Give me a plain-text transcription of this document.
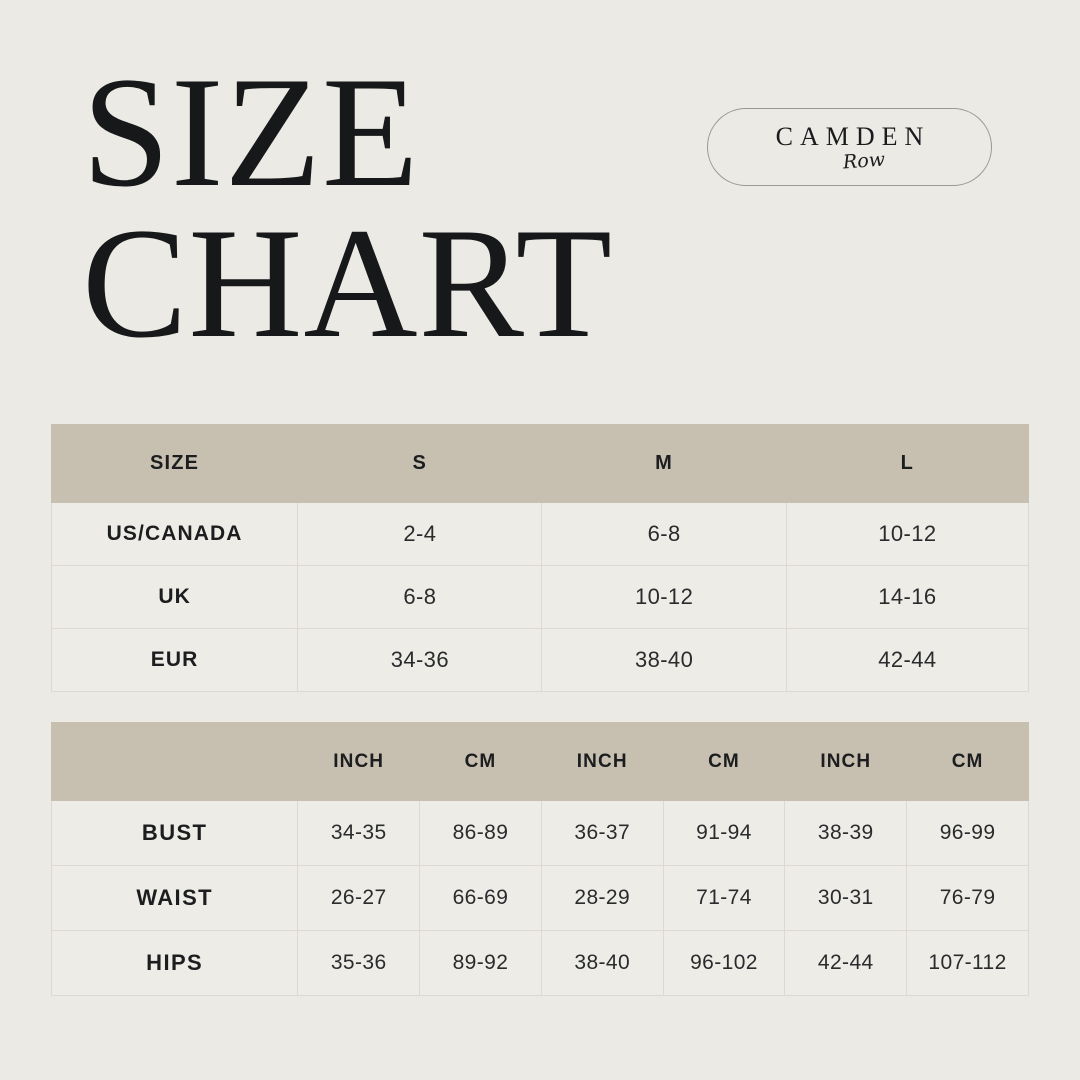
SIZE
CHART
CAMDEN
Row
SIZE	S	M	L
US/CANADA	2-4	6-8	10-12
UK	6-8	10-12	14-16
EUR	34-36	38-40	42-44
	INCH	CM	INCH	CM	INCH	CM
BUST	34-35	86-89	36-37	91-94	38-39	96-99
WAIST	26-27	66-69	28-29	71-74	30-31	76-79
HIPS	35-36	89-92	38-40	96-102	42-44	107-112
